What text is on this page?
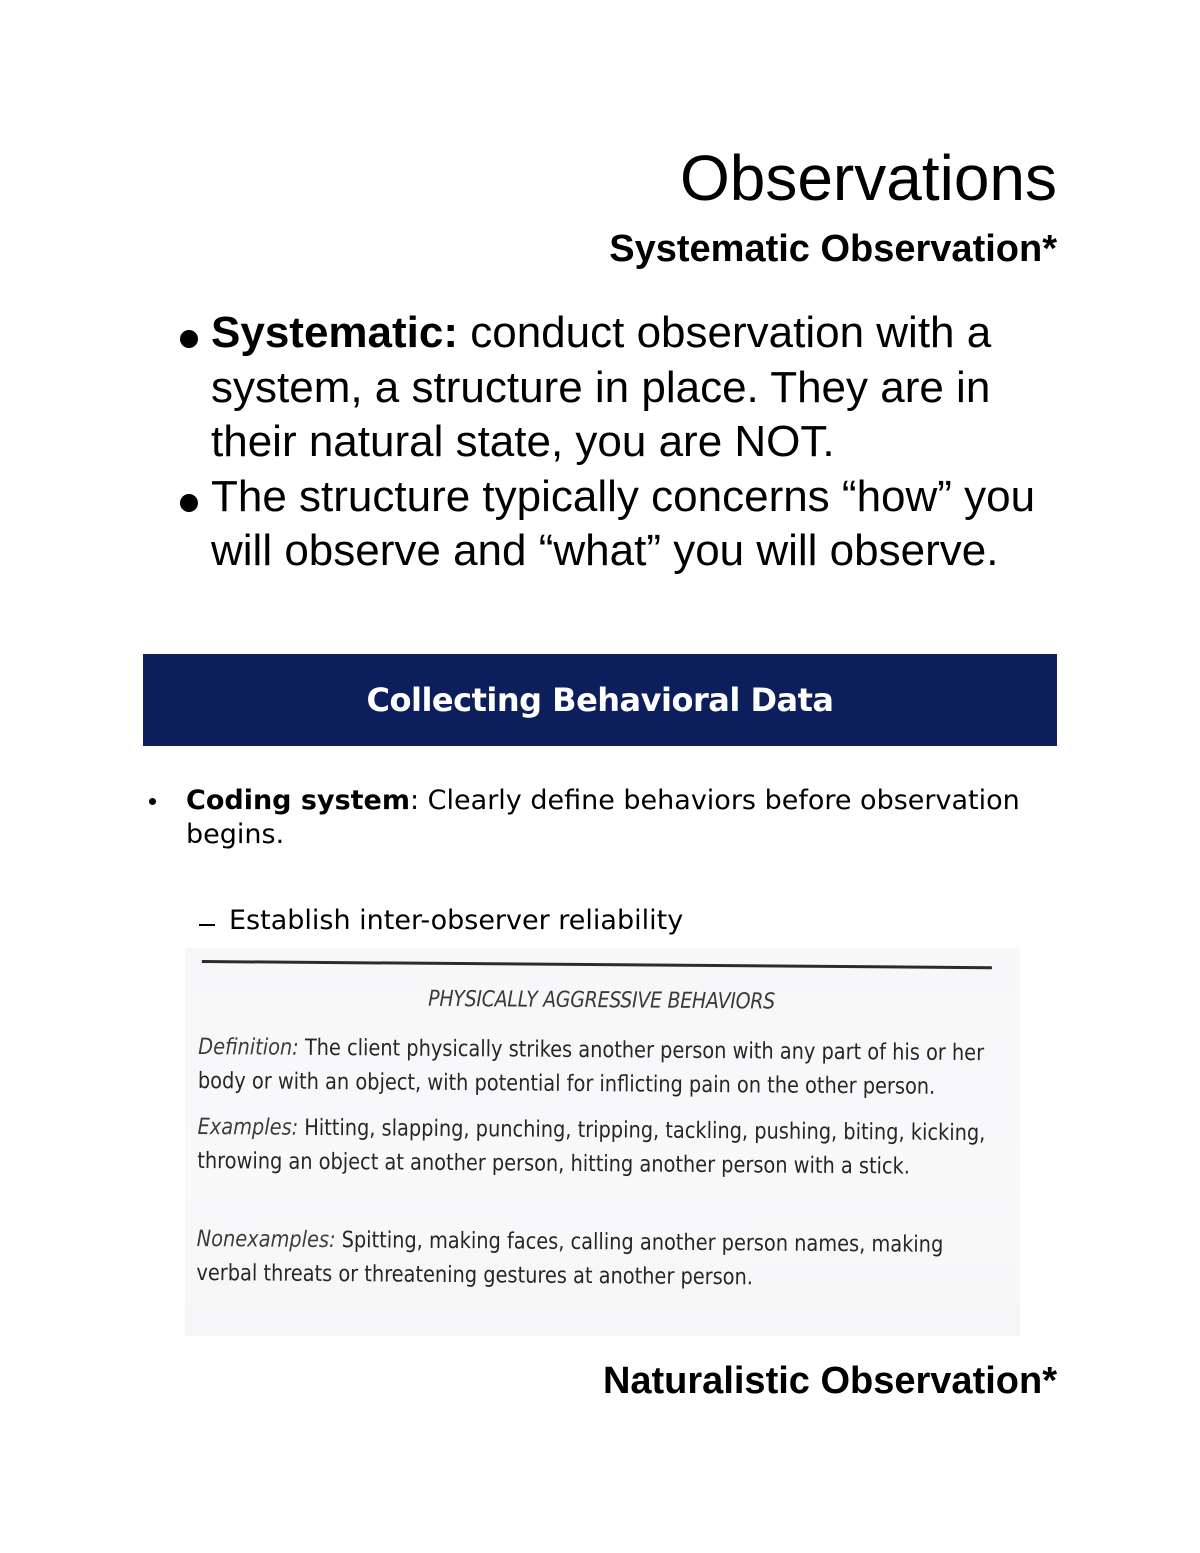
Observations
Systematic Observation*
Systematic: conduct observation with a system, a structure in place. They are in their natural state, you are NOT.
The structure typically concerns “how” you will observe and “what” you will observe.
Collecting Behavioral Data
Coding system: Clearly define behaviors before observation begins.
Establish inter-observer reliability
PHYSICALLY AGGRESSIVE BEHAVIORS
Definition: The client physically strikes another person with any part of his or her body or with an object, with potential for inflicting pain on the other person.
Examples: Hitting, slapping, punching, tripping, tackling, pushing, biting, kicking, throwing an object at another person, hitting another person with a stick.
Nonexamples: Spitting, making faces, calling another person names, making verbal threats or threatening gestures at another person.
Naturalistic Observation*
